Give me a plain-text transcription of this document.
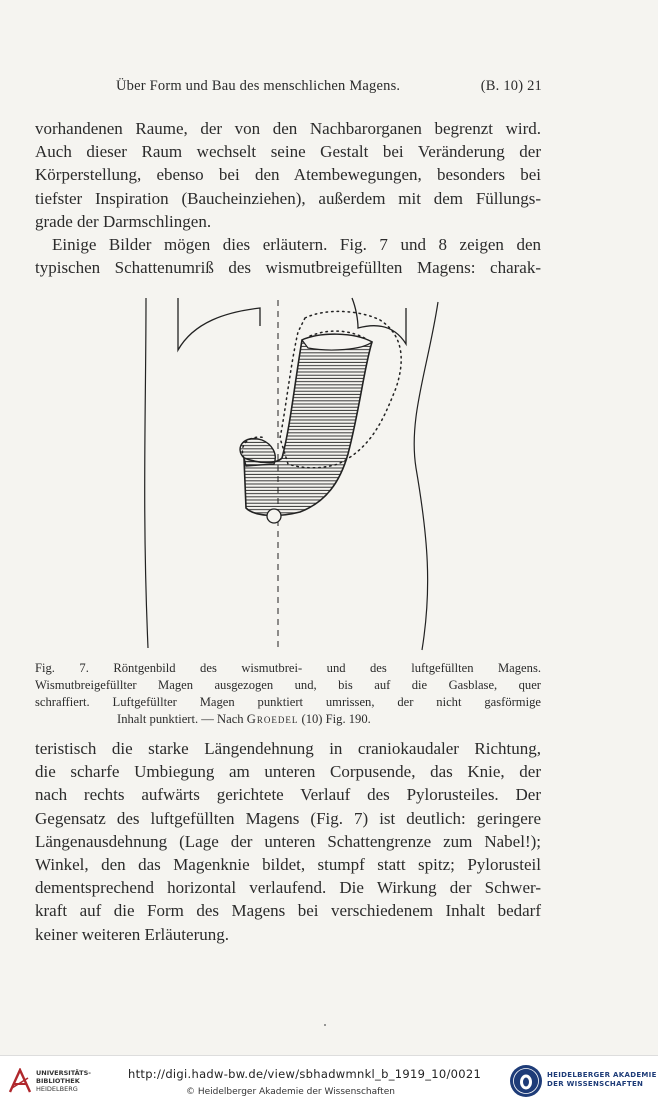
Über Form und Bau des menschlichen Magens.	(B. 10) 21
vorhandenen Raume, der von den Nachbarorganen begrenzt wird.
Auch dieser Raum wechselt seine Gestalt bei Veränderung der
Körperstellung, ebenso bei den Atembewegungen, besonders bei
tiefster Inspiration (Baucheinziehen), außerdem mit dem Füllungs-
grade der Darmschlingen.
Einige Bilder mögen dies erläutern. Fig. 7 und 8 zeigen den
typischen Schattenumriß des wismutbreigefüllten Magens: charak-
Fig. 7. Röntgenbild des wismutbrei- und des luftgefüllten Magens.
Wismutbreigefüllter Magen ausgezogen und, bis auf die Gasblase, quer
schraffiert. Luftgefüllter Magen punktiert umrissen, der nicht gasförmige
Inhalt punktiert. — Nach Groedel (10) Fig. 190.
teristisch die starke Längendehnung in craniokaudaler Richtung,
die scharfe Umbiegung am unteren Corpusende, das Knie, der
nach rechts aufwärts gerichtete Verlauf des Pylorusteiles. Der
Gegensatz des luftgefüllten Magens (Fig. 7) ist deutlich: geringere
Längenausdehnung (Lage der unteren Schattengrenze zum Nabel!);
Winkel, den das Magenknie bildet, stumpf statt spitz; Pylorusteil
dementsprechend horizontal verlaufend. Die Wirkung der Schwer-
kraft auf die Form des Magens bei verschiedenem Inhalt bedarf
keiner weiteren Erläuterung.
UNIVERSITÄTS-
BIBLIOTHEK
HEIDELBERG
http://digi.hadw-bw.de/view/sbhadwmnkl_b_1919_10/0021
© Heidelberger Akademie der Wissenschaften
HEIDELBERGER AKADEMIE
DER WISSENSCHAFTEN
